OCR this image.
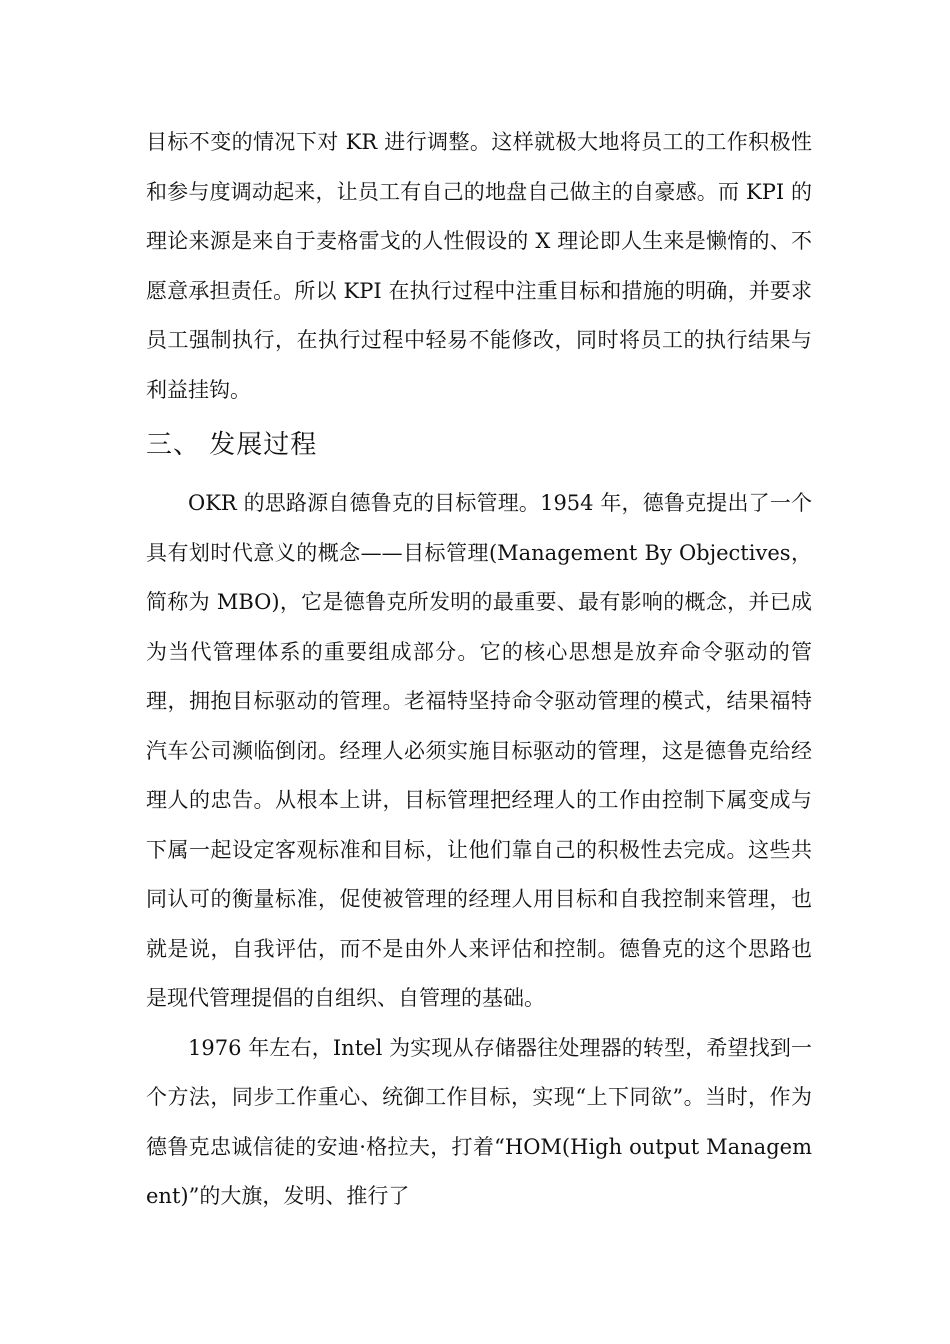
目标不变的情况下对 KR 进行调整。这样就极大地将员工的工作积极性和参与度调动起来，让员工有自己的地盘自己做主的自豪感。而 KPI 的理论来源是来自于麦格雷戈的人性假设的 X 理论即人生来是懒惰的、不愿意承担责任。所以 KPI 在执行过程中注重目标和措施的明确，并要求员工强制执行，在执行过程中轻易不能修改，同时将员工的执行结果与利益挂钩。

三、 发展过程

OKR 的思路源自德鲁克的目标管理。1954 年，德鲁克提出了一个具有划时代意义的概念——目标管理(Management By Objectives，简称为 MBO)，它是德鲁克所发明的最重要、最有影响的概念，并已成为当代管理体系的重要组成部分。它的核心思想是放弃命令驱动的管理，拥抱目标驱动的管理。老福特坚持命令驱动管理的模式，结果福特汽车公司濒临倒闭。经理人必须实施目标驱动的管理，这是德鲁克给经理人的忠告。从根本上讲，目标管理把经理人的工作由控制下属变成与下属一起设定客观标准和目标，让他们靠自己的积极性去完成。这些共同认可的衡量标准，促使被管理的经理人用目标和自我控制来管理，也就是说，自我评估，而不是由外人来评估和控制。德鲁克的这个思路也是现代管理提倡的自组织、自管理的基础。

1976 年左右，Intel 为实现从存储器往处理器的转型，希望找到一个方法，同步工作重心、统御工作目标，实现“上下同欲”。当时，作为德鲁克忠诚信徒的安迪·格拉夫，打着“HOM(High output Management)”的大旗，发明、推行了
